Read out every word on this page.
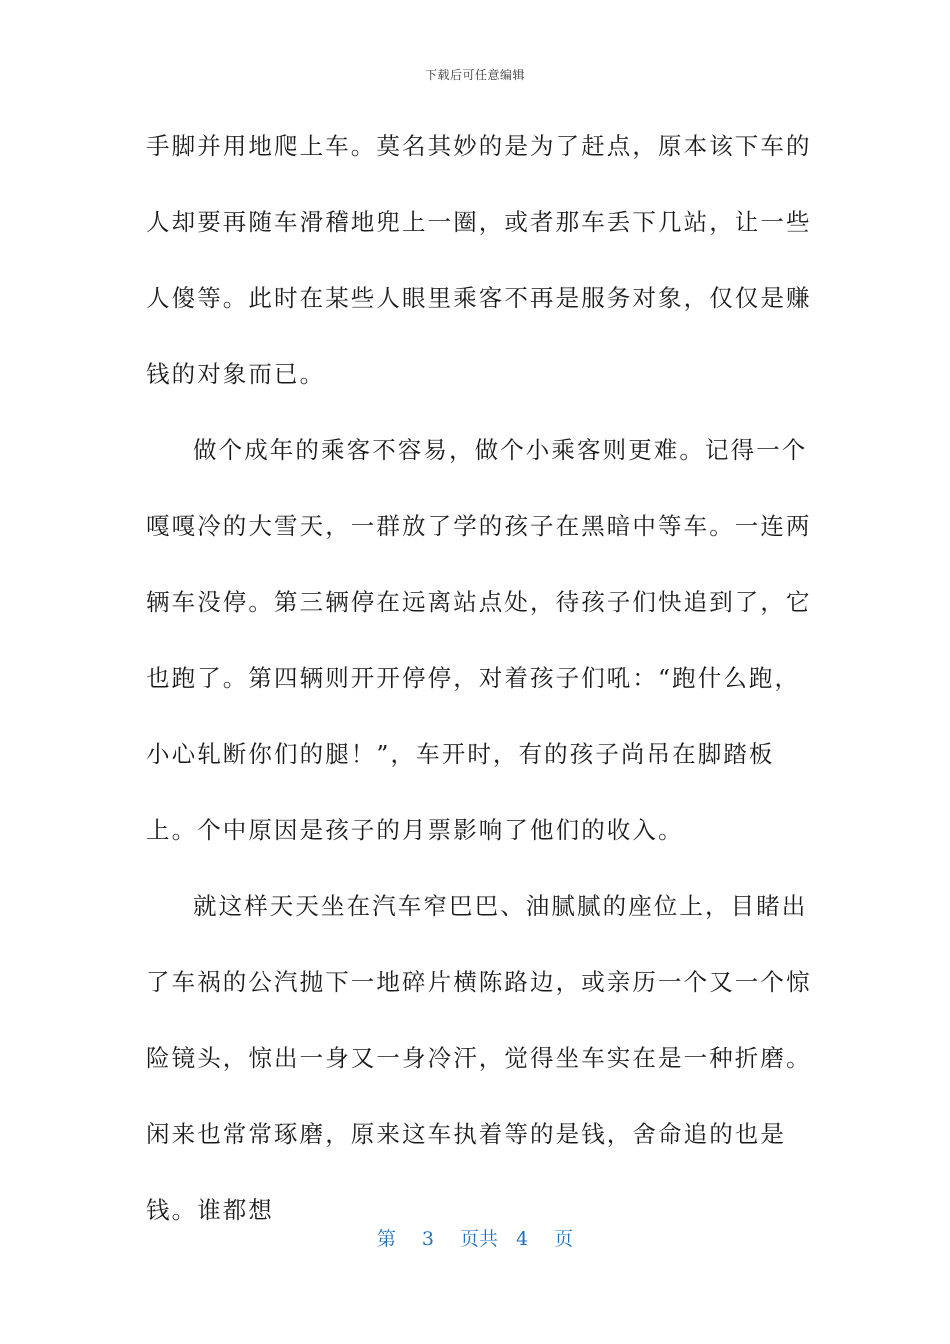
下载后可任意编辑

手脚并用地爬上车。莫名其妙的是为了赶点，原本该下车的人却要再随车滑稽地兜上一圈，或者那车丢下几站，让一些人傻等。此时在某些人眼里乘客不再是服务对象，仅仅是赚钱的对象而已。

做个成年的乘客不容易，做个小乘客则更难。记得一个嘎嘎冷的大雪天，一群放了学的孩子在黑暗中等车。一连两辆车没停。第三辆停在远离站点处，待孩子们快追到了，它也跑了。第四辆则开开停停，对着孩子们吼：“跑什么跑，小心轧断你们的腿！”，车开时，有的孩子尚吊在脚踏板上。个中原因是孩子的月票影响了他们的收入。

就这样天天坐在汽车窄巴巴、油腻腻的座位上，目睹出了车祸的公汽抛下一地碎片横陈路边，或亲历一个又一个惊险镜头，惊出一身又一身冷汗，觉得坐车实在是一种折磨。闲来也常常琢磨，原来这车执着等的是钱，舍命追的也是钱。谁都想

第 3 页共 4 页
